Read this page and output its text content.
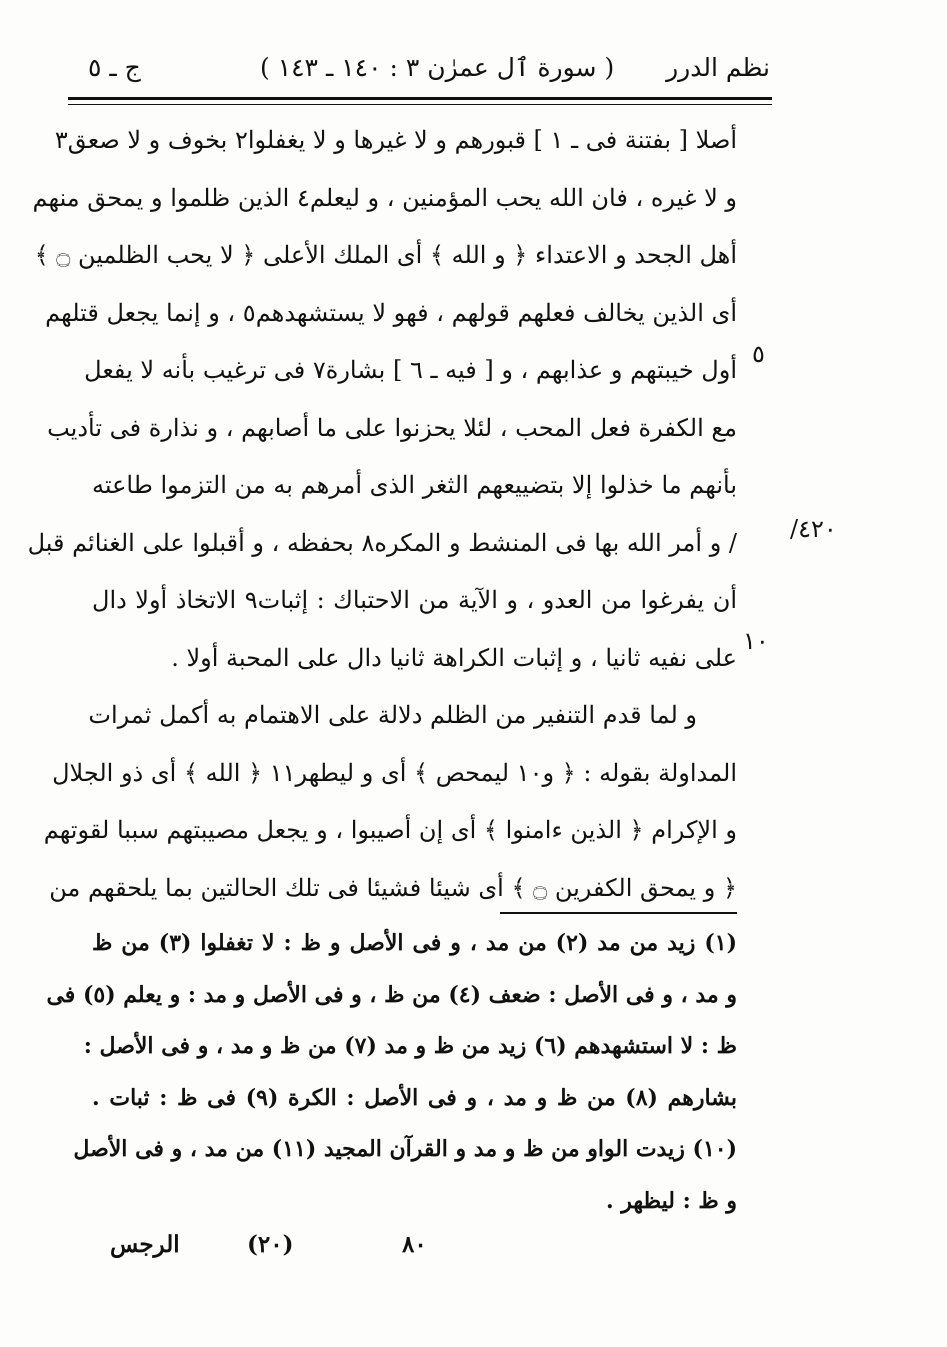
نظم الدرر
( سورة ٱل عمرٰن ٣ : ١٤٠ ـ ١٤٣ )
ج ـ ٥
أصلا [ بفتنة فى ـ ١ ] قبورهم و لا غيرها و لا يغفلوا٢ بخوف و لا صعق٣
و لا غيره ، فان الله يحب المؤمنين ، و ليعلم٤ الذين ظلموا و يمحق منهم
أهل الجحد و الاعتداء ﴿ و الله ﴾ أى الملك الأعلى ﴿ لا يحب الظلمين ۝ ﴾
أى الذين يخالف فعلهم قولهم ، فهو لا يستشهدهم٥ ، و إنما يجعل قتلهم
أول خيبتهم و عذابهم ، و [ فيه ـ ٦ ] بشارة٧ فى ترغيب بأنه لا يفعل
مع الكفرة فعل المحب ، لئلا يحزنوا على ما أصابهم ، و نذارة فى تأديب
بأنهم ما خذلوا إلا بتضييعهم الثغر الذى أمرهم به من التزموا طاعته
/ و أمر الله بها فى المنشط و المكره٨ بحفظه ، و أقبلوا على الغنائم قبل
أن يفرغوا من العدو ، و الآية من الاحتباك : إثبات٩ الاتخاذ أولا دال
على نفيه ثانيا ، و إثبات الكراهة ثانيا دال على المحبة أولا .
و لما قدم التنفير من الظلم دلالة على الاهتمام به أكمل ثمرات
المداولة بقوله : ﴿ و١٠ ليمحص ﴾ أى و ليطهر١١ ﴿ الله ﴾ أى ذو الجلال
و الإكرام ﴿ الذين ءامنوا ﴾ أى إن أصيبوا ، و يجعل مصيبتهم سببا لقوتهم
﴿ و يمحق الكفرين ۝ ﴾ أى شيئا فشيئا فى تلك الحالتين بما يلحقهم من
٥
١٠
٤٢٠/
(١) زيد من مد (٢) من مد ، و فى الأصل و ظ : لا تغفلوا (٣) من ظ
و مد ، و فى الأصل : ضعف (٤) من ظ ، و فى الأصل و مد : و يعلم (٥) فى
ظ : لا استشهدهم (٦) زيد من ظ و مد (٧) من ظ و مد ، و فى الأصل :
بشارهم (٨) من ظ و مد ، و فى الأصل : الكرة (٩) فى ظ : ثبات .
(١٠) زيدت الواو من ظ و مد و القرآن المجيد (١١) من مد ، و فى الأصل
و ظ : ليظهر .
الرجس	(٢٠)	٨٠
